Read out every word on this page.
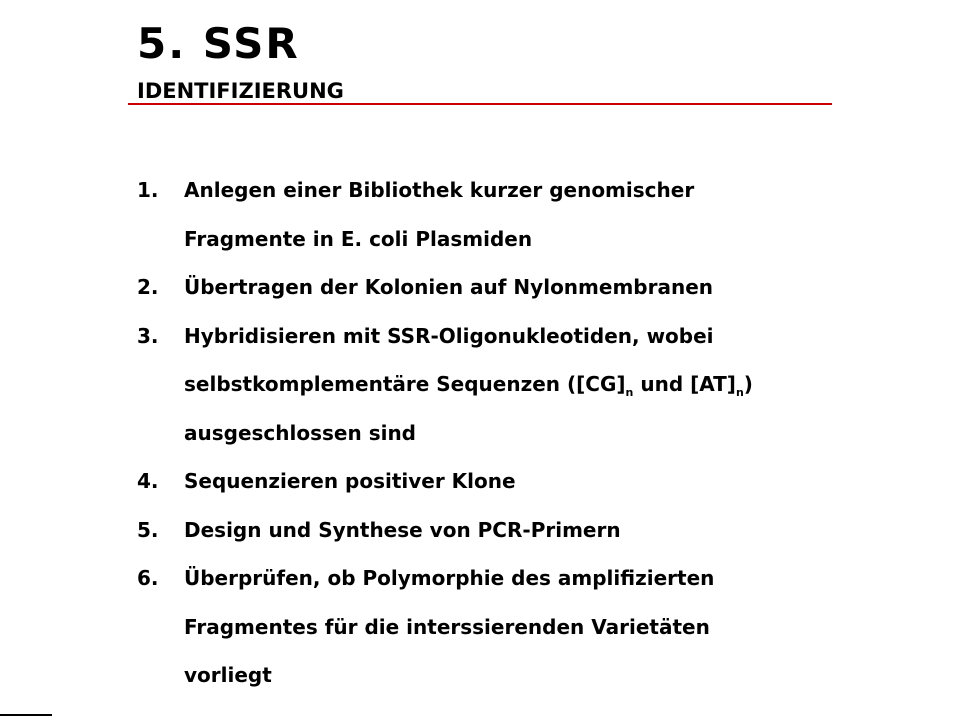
5. SSR
IDENTIFIZIERUNG
1.	Anlegen einer Bibliothek kurzer genomischer
Fragmente in E. coli Plasmiden
2.	Übertragen der Kolonien auf Nylonmembranen
3.	Hybridisieren mit SSR-Oligonukleotiden, wobei
selbstkomplementäre Sequenzen ($[CG]_n$ und $[AT]_n$)
ausgeschlossen sind
4.	Sequenzieren positiver Klone
5.	Design und Synthese von PCR-Primern
6.	Überprüfen, ob Polymorphie des amplifizierten
Fragmentes für die interssierenden Varietäten
vorliegt
